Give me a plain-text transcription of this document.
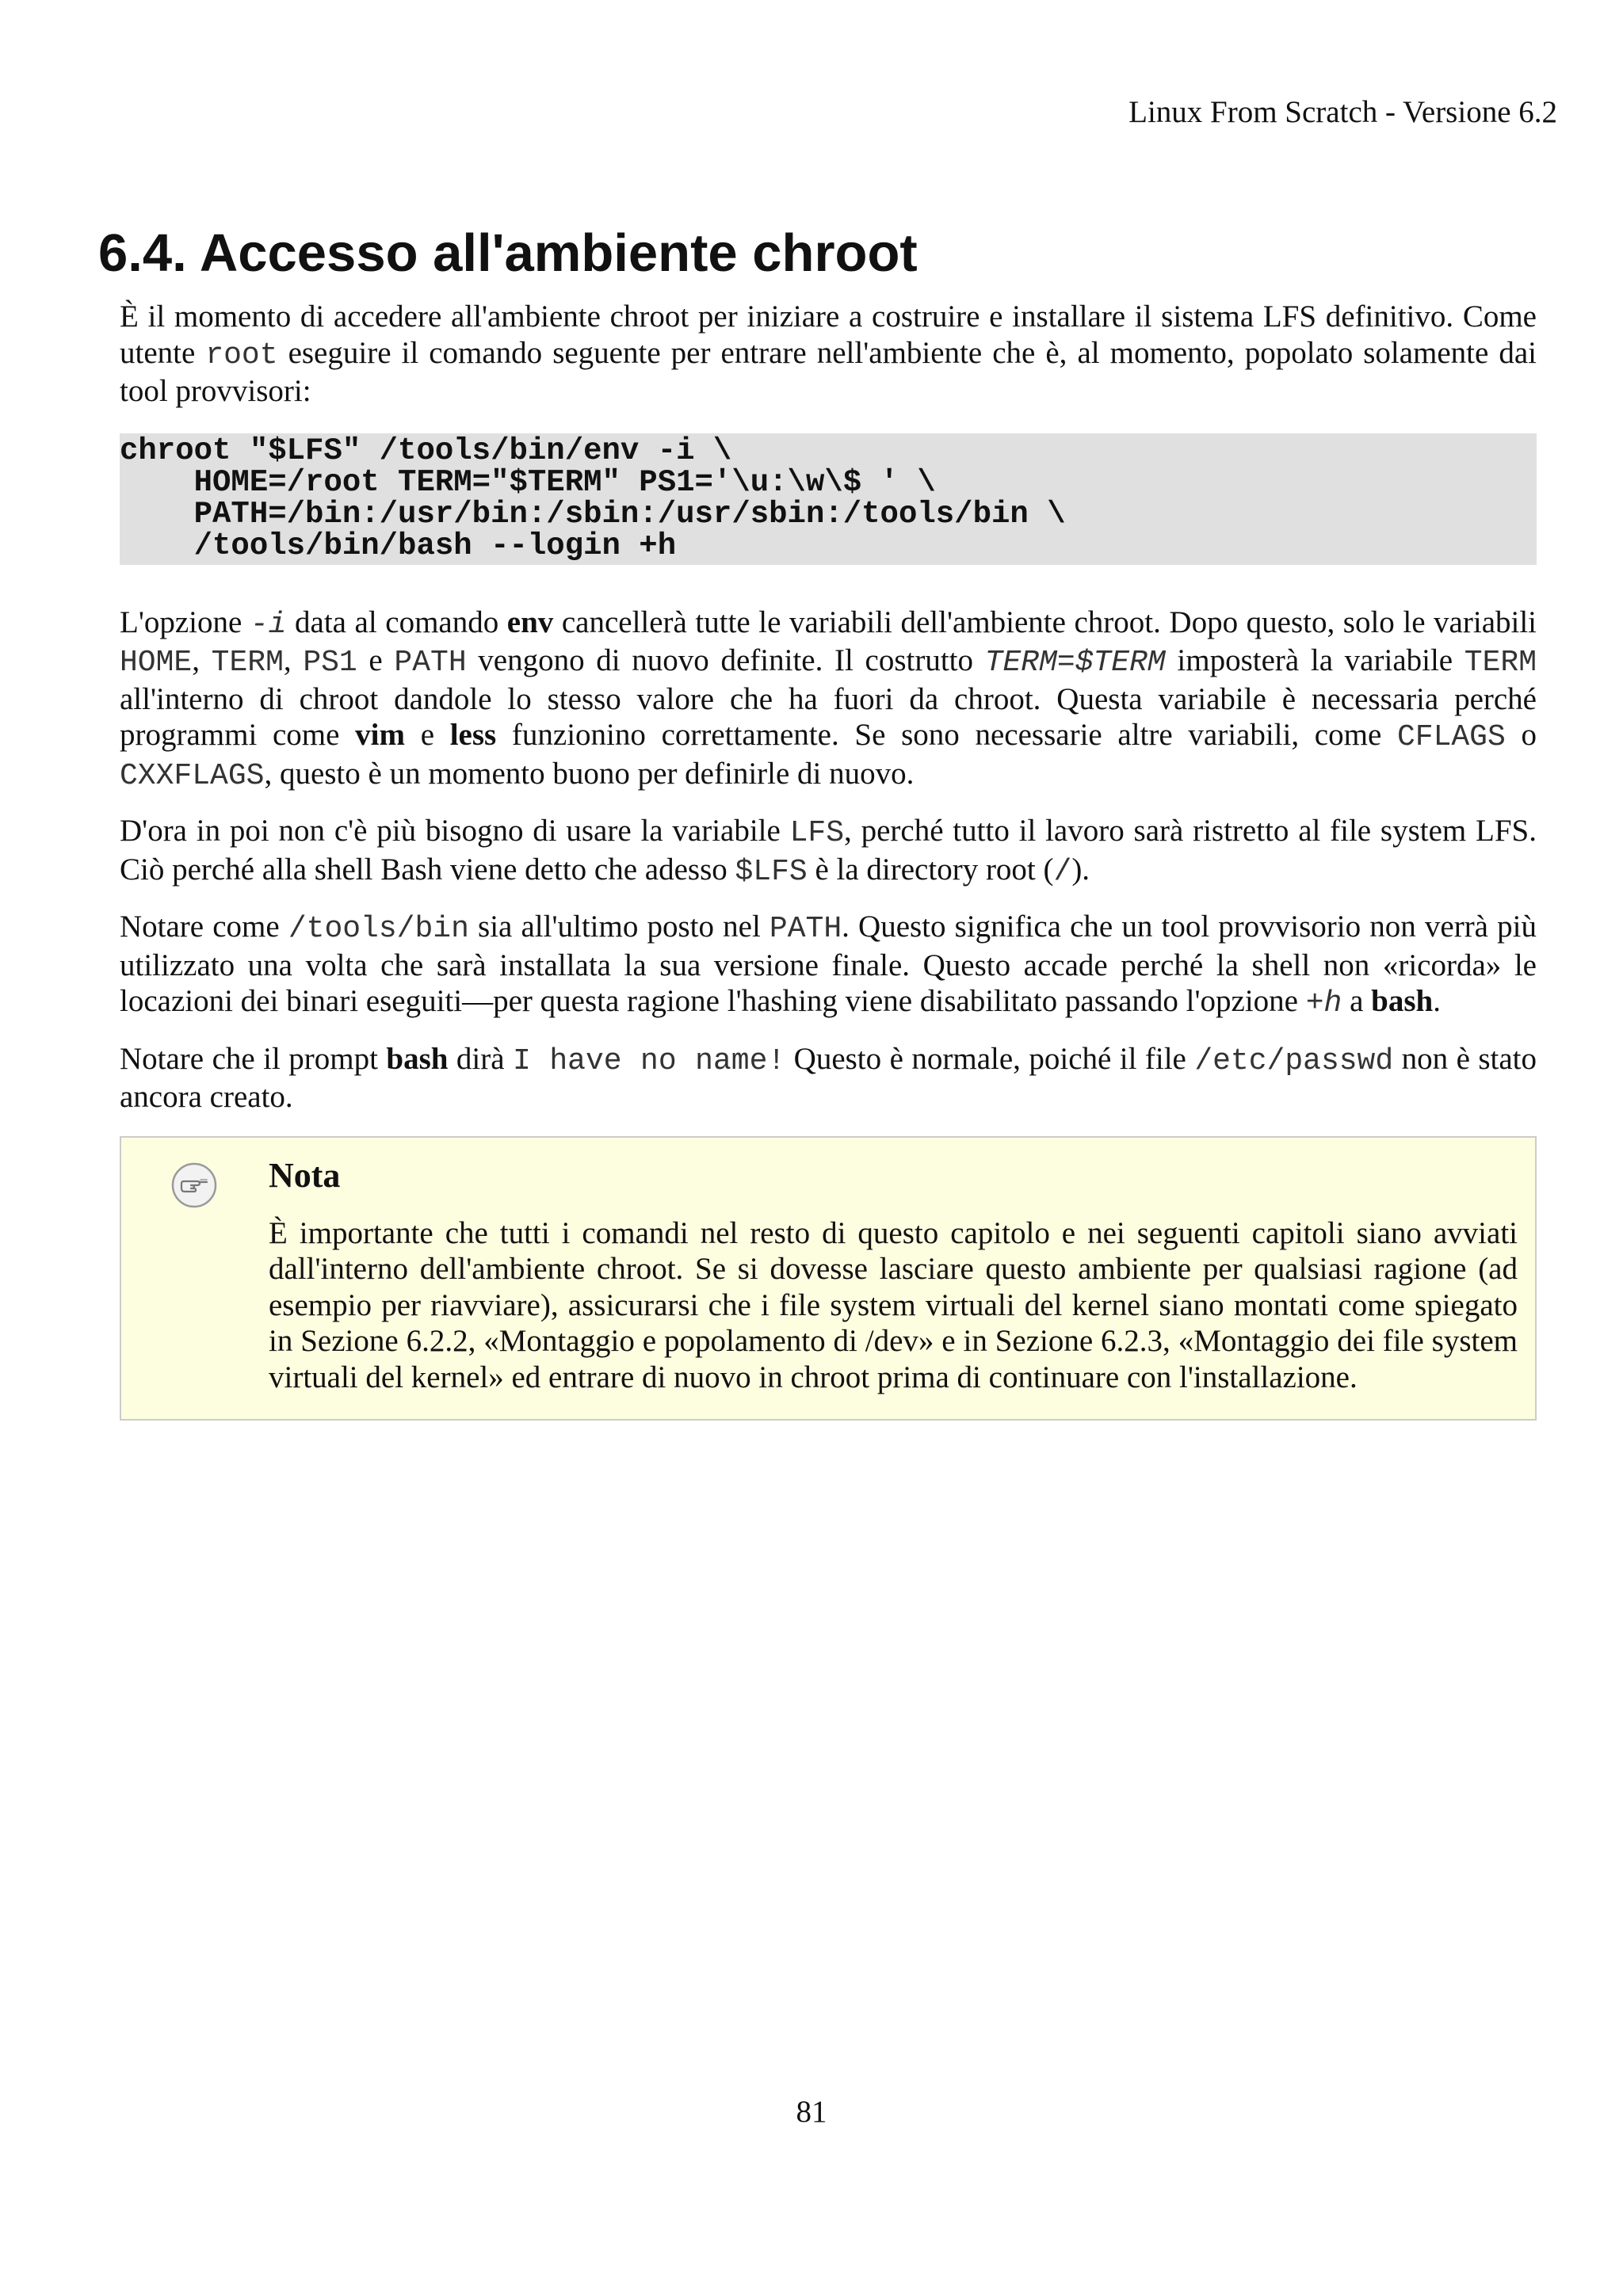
Linux From Scratch - Versione 6.2
6.4. Accesso all'ambiente chroot

È il momento di accedere all'ambiente chroot per iniziare a costruire e installare il sistema LFS definitivo. Come utente root eseguire il comando seguente per entrare nell'ambiente che è, al momento, popolato solamente dai tool provvisori:

chroot "$LFS" /tools/bin/env -i \
HOME=/root TERM="$TERM" PS1='\u:\w\$ ' \
PATH=/bin:/usr/bin:/sbin:/usr/sbin:/tools/bin \
/tools/bin/bash --login +h

L'opzione -i data al comando env cancellerà tutte le variabili dell'ambiente chroot. Dopo questo, solo le variabili HOME, TERM, PS1 e PATH vengono di nuovo definite. Il costrutto TERM=$TERM imposterà la variabile TERM all'interno di chroot dandole lo stesso valore che ha fuori da chroot. Questa variabile è necessaria perché programmi come vim e less funzionino correttamente. Se sono necessarie altre variabili, come CFLAGS o CXXFLAGS, questo è un momento buono per definirle di nuovo.

D'ora in poi non c'è più bisogno di usare la variabile LFS, perché tutto il lavoro sarà ristretto al file system LFS. Ciò perché alla shell Bash viene detto che adesso $LFS è la directory root (/).

Notare come /tools/bin sia all'ultimo posto nel PATH. Questo significa che un tool provvisorio non verrà più utilizzato una volta che sarà installata la sua versione finale. Questo accade perché la shell non «ricorda» le locazioni dei binari eseguiti—per questa ragione l'hashing viene disabilitato passando l'opzione +h a bash.

Notare che il prompt bash dirà I have no name! Questo è normale, poiché il file /etc/passwd non è stato ancora creato.

Nota

È importante che tutti i comandi nel resto di questo capitolo e nei seguenti capitoli siano avviati dall'interno dell'ambiente chroot. Se si dovesse lasciare questo ambiente per qualsiasi ragione (ad esempio per riavviare), assicurarsi che i file system virtuali del kernel siano montati come spiegato in Sezione 6.2.2, «Montaggio e popolamento di /dev» e in Sezione 6.2.3, «Montaggio dei file system virtuali del kernel» ed entrare di nuovo in chroot prima di continuare con l'installazione.

81
